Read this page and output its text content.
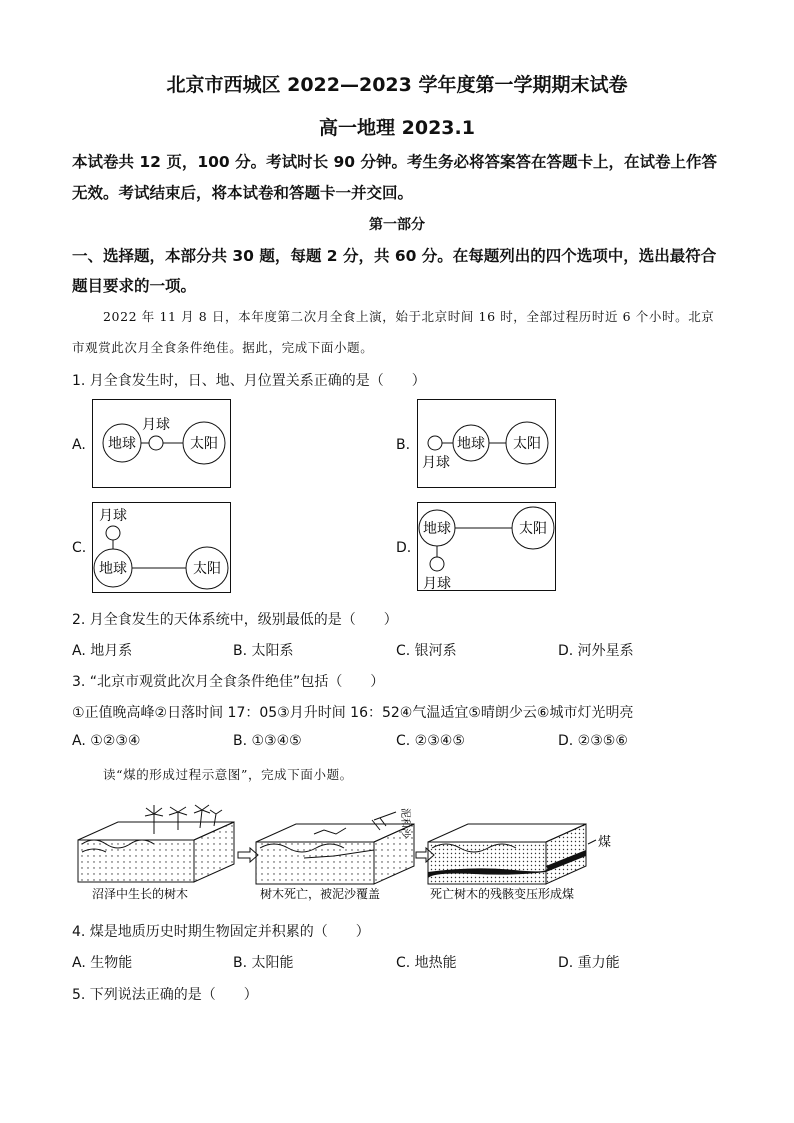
北京市西城区 2022—2023 学年度第一学期期末试卷
高一地理 2023.1
本试卷共 12 页，100 分。考试时长 90 分钟。考生务必将答案答在答题卡上，在试卷上作答
无效。考试结束后，将本试卷和答题卡一并交回。
第一部分
一、选择题，本部分共 30 题，每题 2 分，共 60 分。在每题列出的四个选项中，选出最符合
题目要求的一项。
2022 年 11 月 8 日，本年度第二次月全食上演，始于北京时间 16 时，全部过程历时近 6 个小时。北京
市观赏此次月全食条件绝佳。据此，完成下面小题。
1. 月全食发生时，日、地、月位置关系正确的是（　　）
A.	B.
C.	D.
地球
月球
太阳	地球
月球
太阳
地球
月球
太阳
地球
月球
太阳
2. 月全食发生的天体系统中，级别最低的是（　　）
A. 地月系	B. 太阳系	C. 银河系	D. 河外星系
3. “北京市观赏此次月全食条件绝佳”包括（　　）
①正值晚高峰②日落时间 17：05③月升时间 16：52④气温适宜⑤晴朗少云⑥城市灯光明亮
A. ①②③④	B. ①③④⑤	C. ②③④⑤	D. ②③⑤⑥
读“煤的形成过程示意图”，完成下面小题。
沼泽中生长的树木
泥和沙
树木死亡，被泥沙覆盖
煤
死亡树木的残骸变压形成煤
4. 煤是地质历史时期生物固定并积累的（　　）
A. 生物能	B. 太阳能	C. 地热能	D. 重力能
5. 下列说法正确的是（　　）
